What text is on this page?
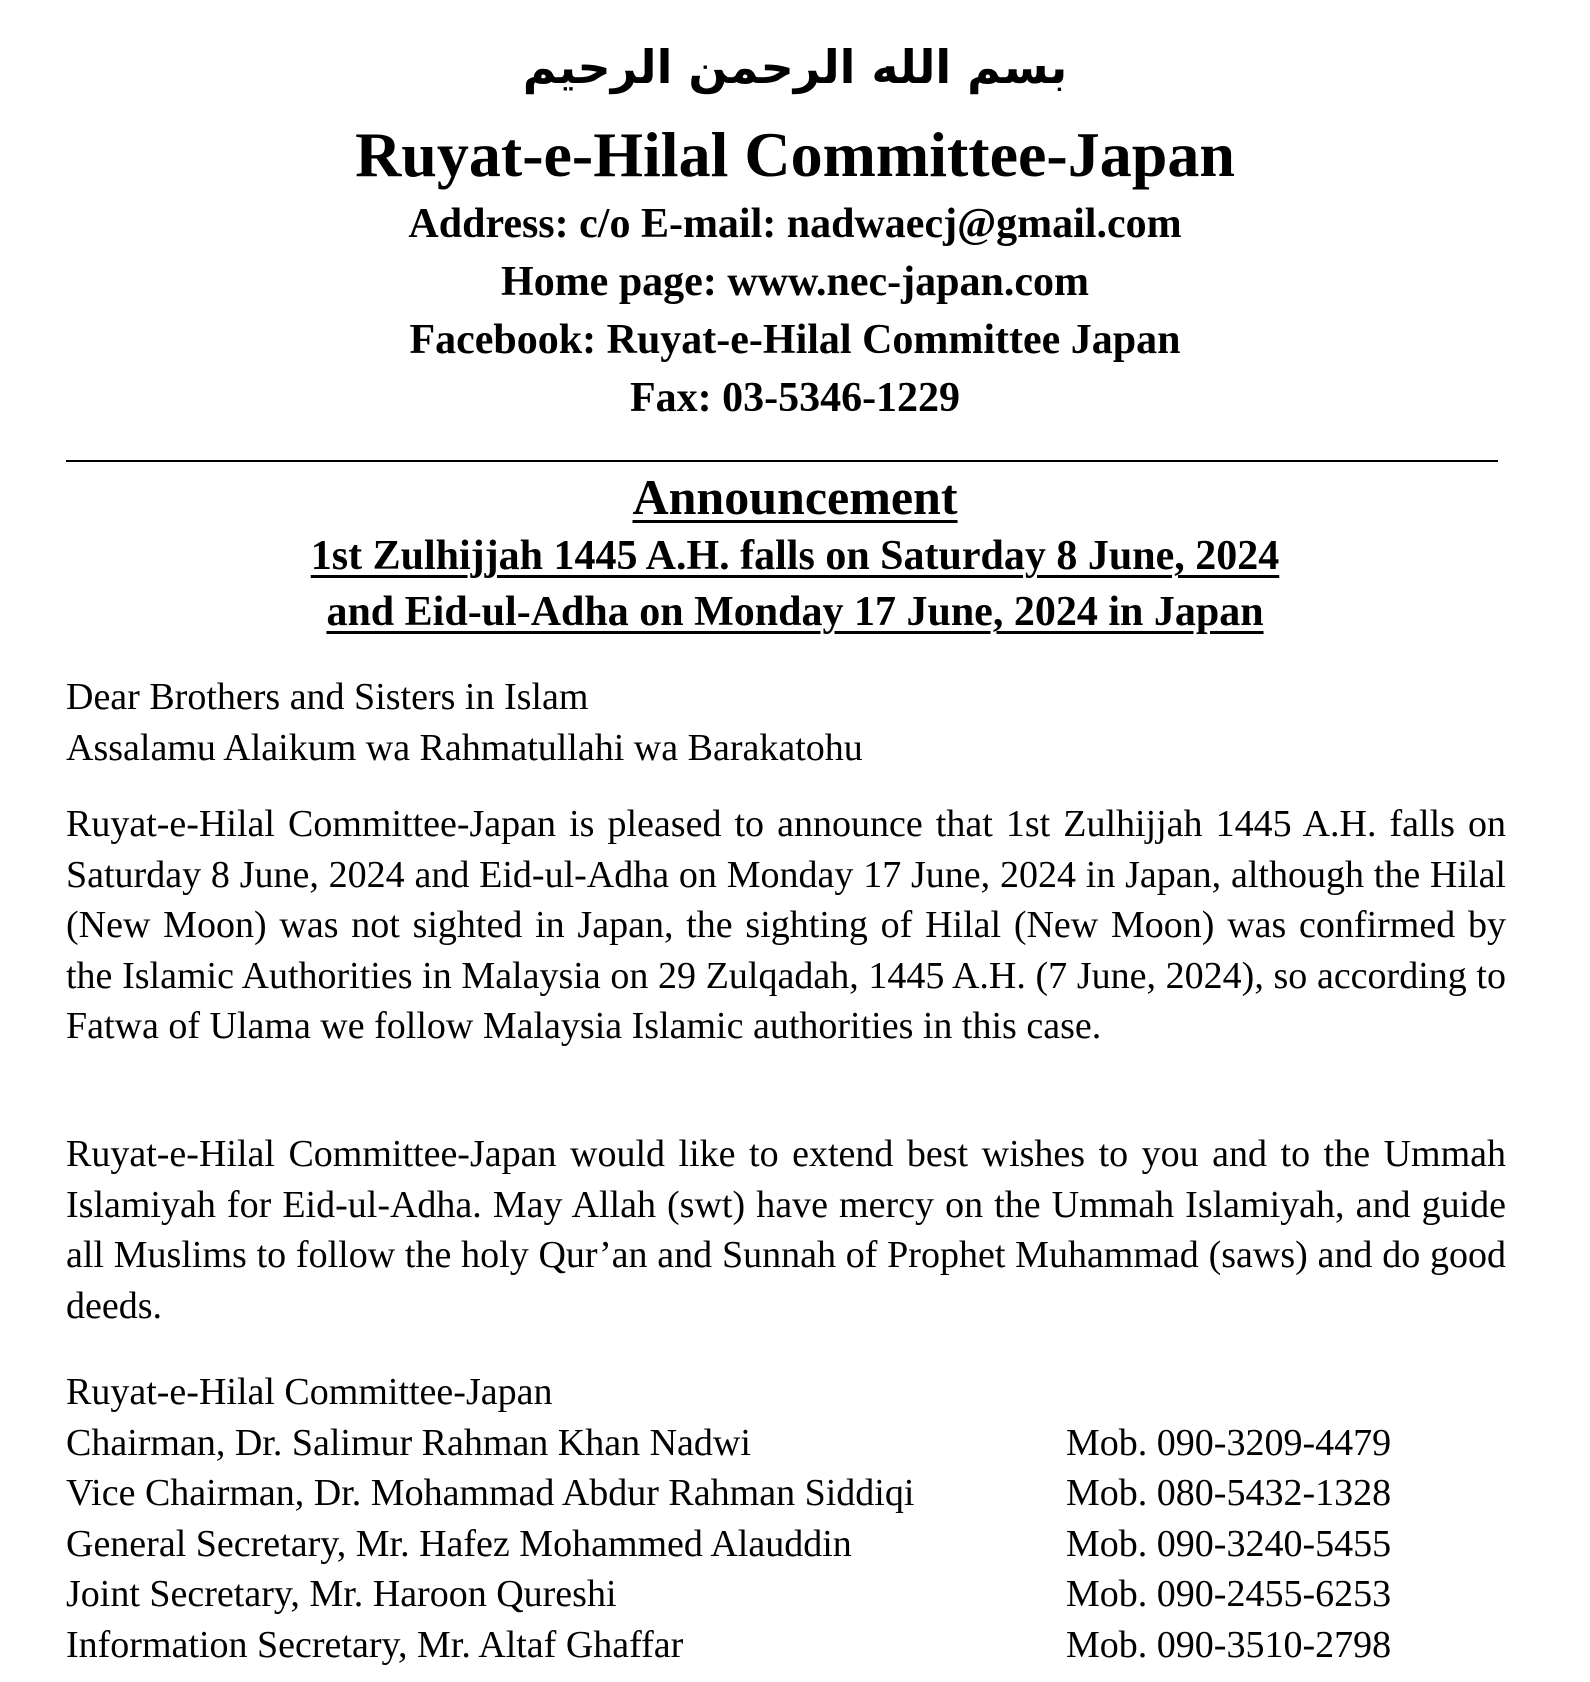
بسم الله الرحمن الرحيم
Ruyat-e-Hilal Committee-Japan
Address: c/o E-mail: nadwaecj@gmail.com
Home page: www.nec-japan.com
Facebook: Ruyat-e-Hilal Committee Japan
Fax: 03-5346-1229
Announcement
1st Zulhijjah 1445 A.H. falls on Saturday 8 June, 2024
and Eid-ul-Adha on Monday 17 June, 2024 in Japan
Dear Brothers and Sisters in Islam
Assalamu Alaikum wa Rahmatullahi wa Barakatohu
Ruyat-e-Hilal Committee-Japan is pleased to announce that 1st Zulhijjah 1445 A.H. falls on Saturday 8 June, 2024 and Eid-ul-Adha on Monday 17 June, 2024 in Japan, although the Hilal (New Moon) was not sighted in Japan, the sighting of Hilal (New Moon) was confirmed by the Islamic Authorities in Malaysia on 29 Zulqadah, 1445 A.H. (7 June, 2024), so according to Fatwa of Ulama we follow Malaysia Islamic authorities in this case.
Ruyat-e-Hilal Committee-Japan would like to extend best wishes to you and to the Ummah Islamiyah for Eid-ul-Adha. May Allah (swt) have mercy on the Ummah Islamiyah, and guide all Muslims to follow the holy Qur’an and Sunnah of Prophet Muhammad (saws) and do good deeds.
Ruyat-e-Hilal Committee-Japan
Chairman, Dr. Salimur Rahman Khan Nadwi	Mob. 090-3209-4479
Vice Chairman, Dr. Mohammad Abdur Rahman Siddiqi	Mob. 080-5432-1328
General Secretary, Mr. Hafez Mohammed Alauddin	Mob. 090-3240-5455
Joint Secretary, Mr. Haroon Qureshi	Mob. 090-2455-6253
Information Secretary, Mr. Altaf Ghaffar	Mob. 090-3510-2798
